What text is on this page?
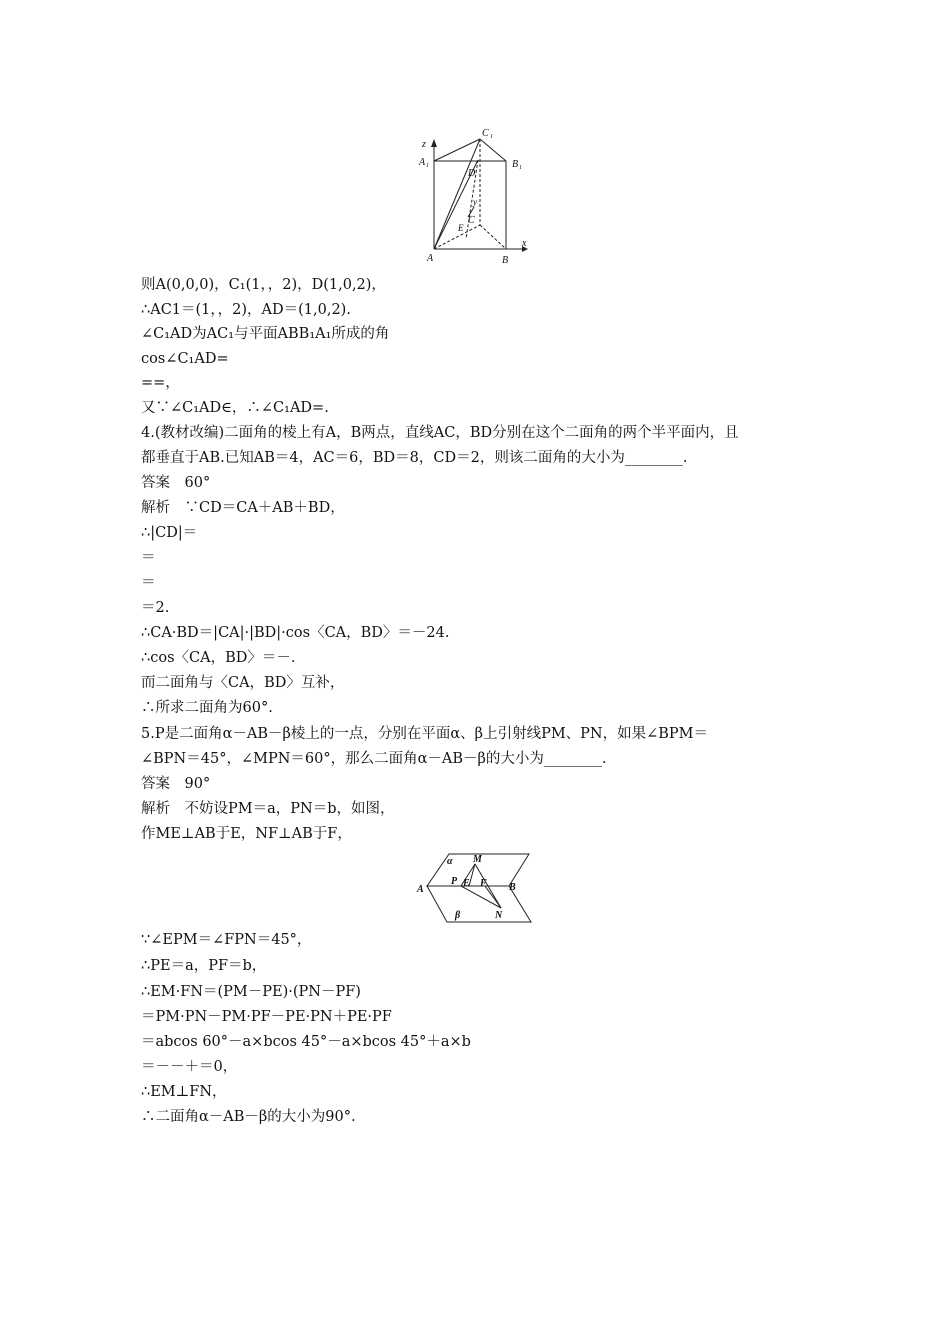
z
C 1
A 1	B 1
D
y
C
E
x
A	B
则A(0,0,0)，C₁(1，，2)，D(1,0,2)，
∴AC1＝(1，，2)，AD＝(1,0,2).
∠C₁AD为AC₁与平面ABB₁A₁所成的角
cos∠C₁AD=
==，
又∵∠C₁AD∈，∴∠C₁AD=.
4.(教材改编)二面角的棱上有A，B两点，直线AC，BD分别在这个二面角的两个半平面内，且
都垂直于AB.已知AB＝4，AC＝6，BD＝8，CD＝2，则该二面角的大小为________.
答案　60°
解析　∵CD＝CA＋AB＋BD，
∴|CD|＝
＝
＝
＝2.
∴CA·BD＝|CA|·|BD|·cos〈CA，BD〉＝－24.
∴cos〈CA，BD〉＝－.
而二面角与〈CA，BD〉互补，
∴所求二面角为60°.
5.P是二面角α－AB－β棱上的一点，分别在平面α、β上引射线PM、PN，如果∠BPM＝
∠BPN＝45°，∠MPN＝60°，那么二面角α－AB－β的大小为________.
答案　90°
解析　不妨设PM＝a，PN＝b，如图，
作ME⊥AB于E，NF⊥AB于F，
α M
A
P E F B
β	N
∵∠EPM＝∠FPN＝45°，
∴PE＝a，PF＝b，
∴EM·FN＝(PM－PE)·(PN－PF)
＝PM·PN－PM·PF－PE·PN＋PE·PF
＝abcos 60°－a×bcos 45°－a×bcos 45°＋a×b
＝－－＋＝0，
∴EM⊥FN，
∴二面角α－AB－β的大小为90°.
